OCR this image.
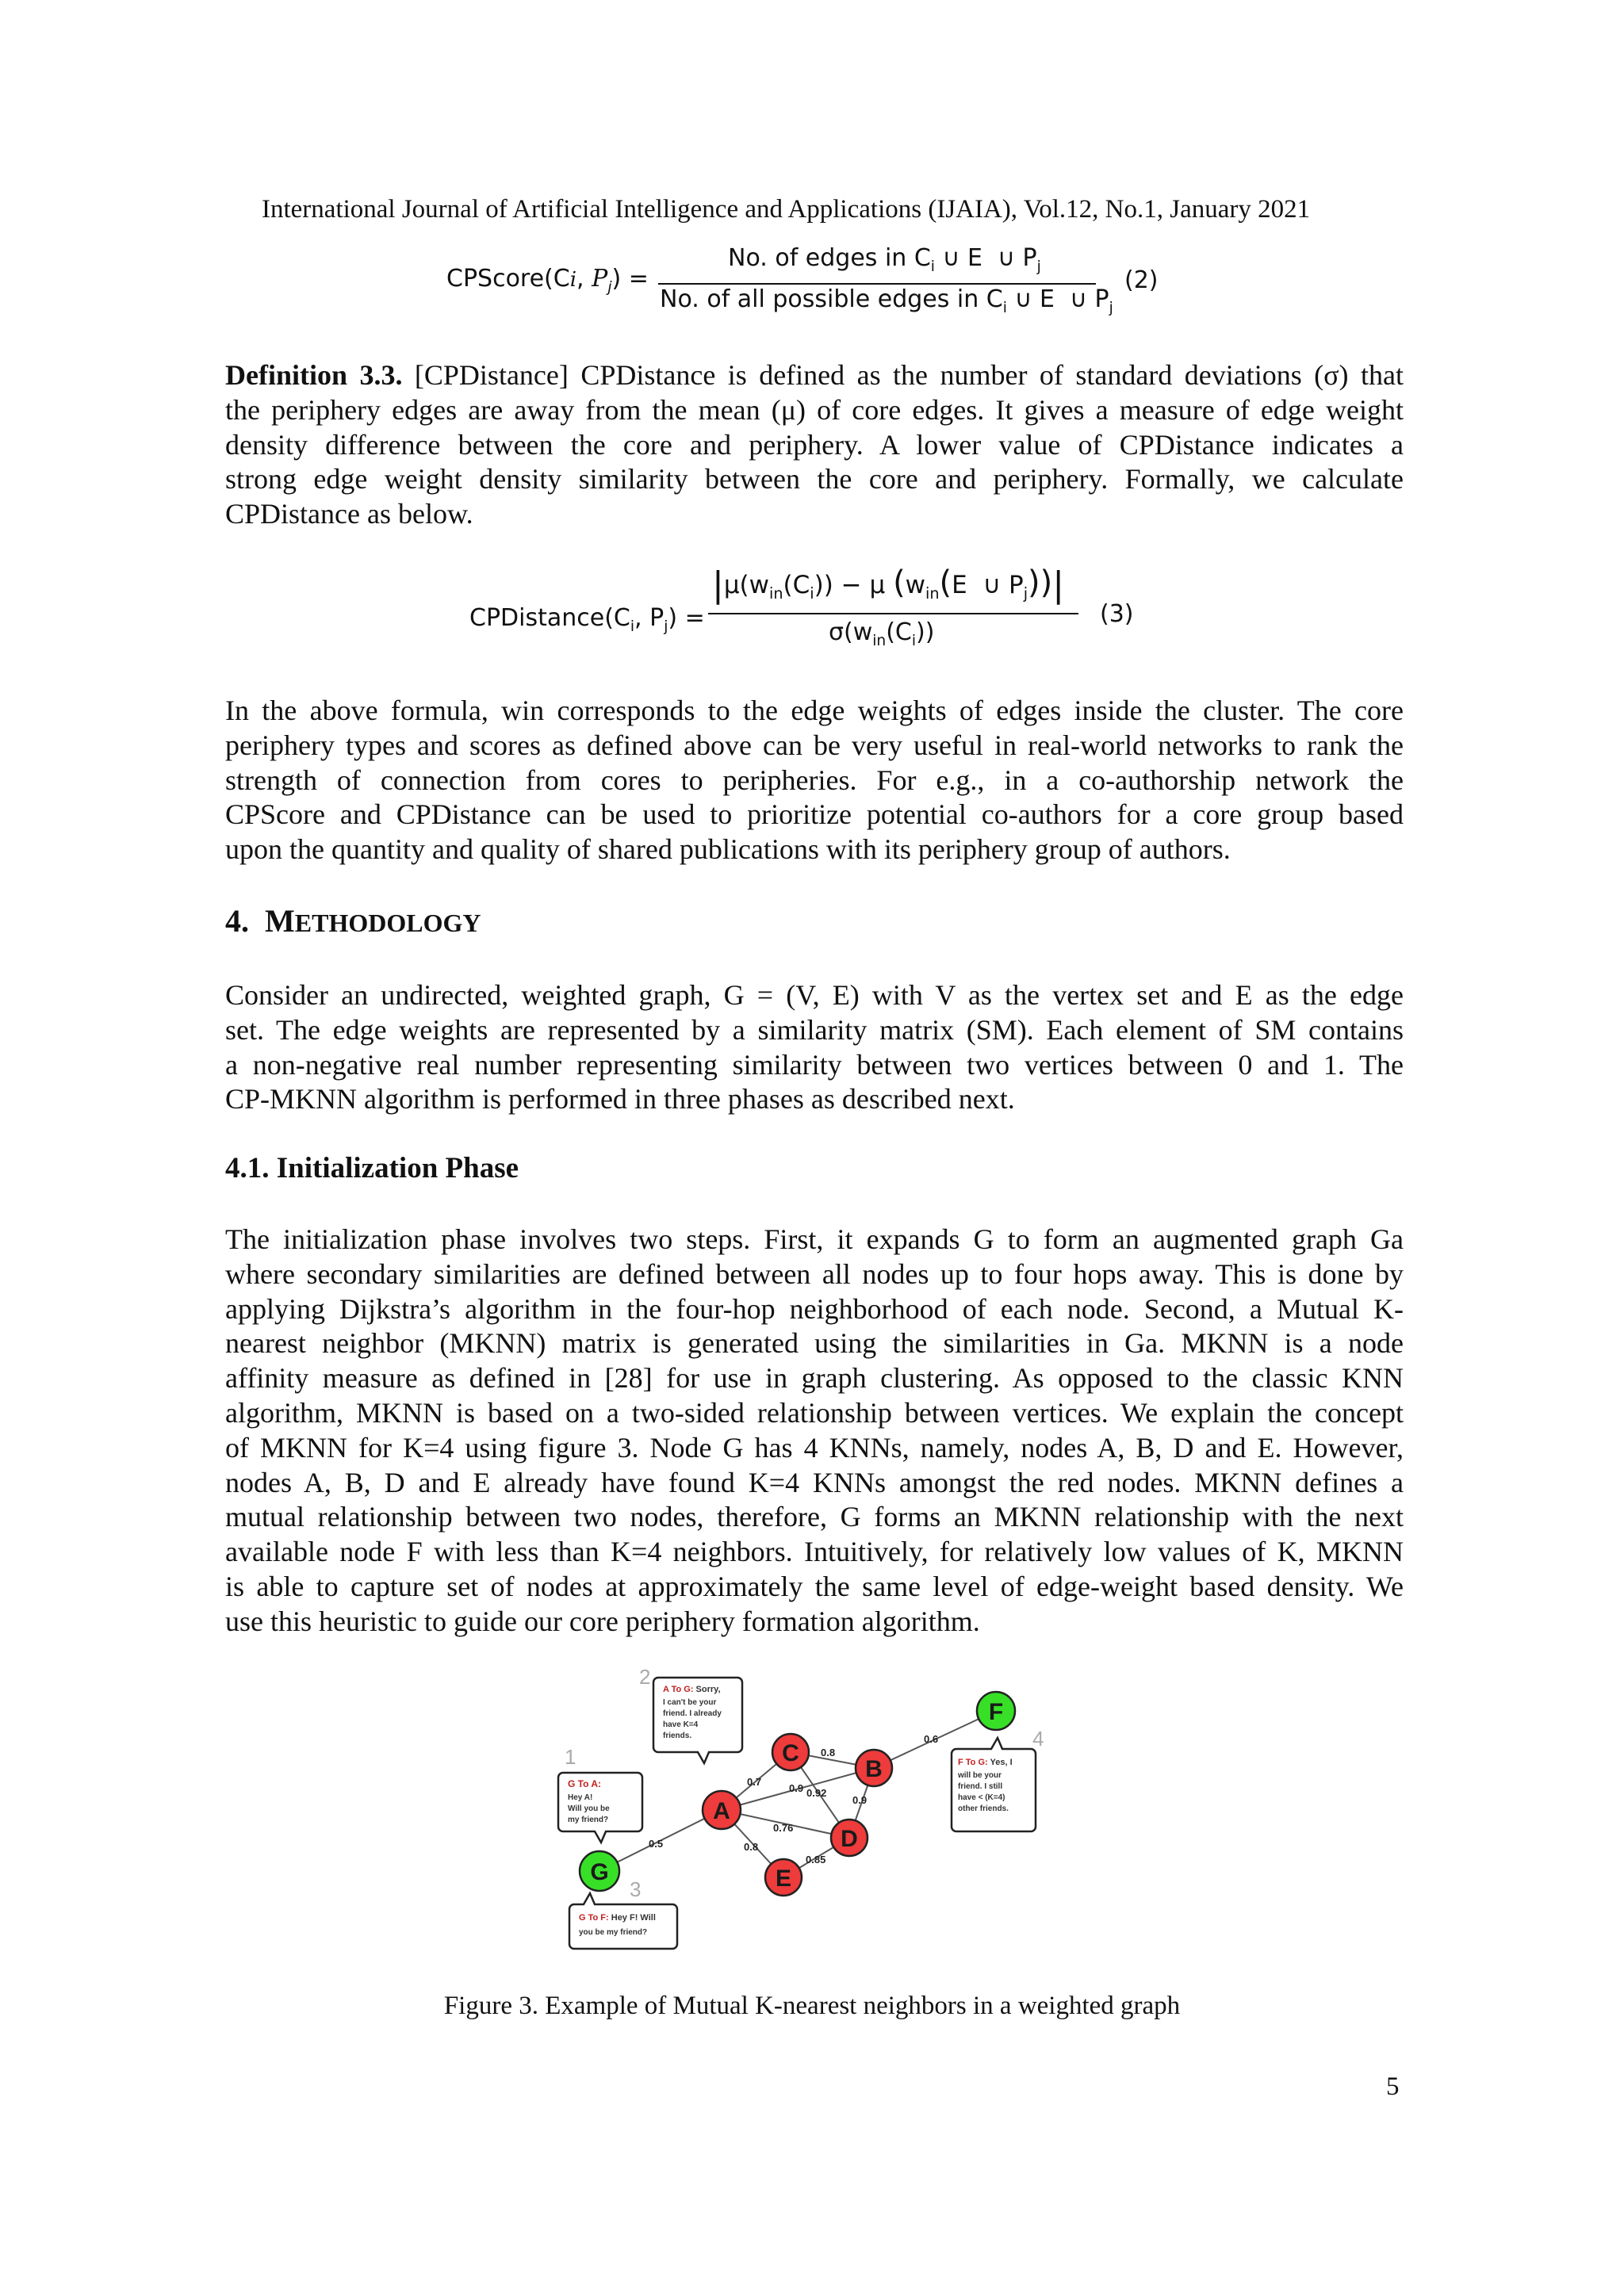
International Journal of Artificial Intelligence and Applications (IJAIA), Vol.12, No.1, January 2021
CPScore(Ci, $P_j$) =
No. of edges in $C_i$ ∪ E  ∪ $P_j$
No. of all possible edges in $C_i$ ∪ E  ∪ $P_j$
(2)
Definition 3.3. [CPDistance] CPDistance is defined as the number of standard deviations (σ) that
the periphery edges are away from the mean (μ) of core edges. It gives a measure of edge weight
density difference between the core and periphery. A lower value of CPDistance indicates a
strong edge weight density similarity between the core and periphery. Formally, we calculate
CPDistance as below.
$CPDistance(C_i$, $P_j$) =
$|\mu(w_{in}(C_i)) - \mu$ ($w_{in}(E$  ∪ $P_j))|$
$\sigma(w_{in}(C_i))$
(3)
In the above formula, win corresponds to the edge weights of edges inside the cluster. The core
periphery types and scores as defined above can be very useful in real-world networks to rank the
strength of connection from cores to peripheries. For e.g., in a co-authorship network the
CPScore and CPDistance can be used to prioritize potential co-authors for a core group based
upon the quantity and quality of shared publications with its periphery group of authors.
4. METHODOLOGY
Consider an undirected, weighted graph, G = (V, E) with V as the vertex set and E as the edge
set. The edge weights are represented by a similarity matrix (SM). Each element of SM contains
a non-negative real number representing similarity between two vertices between 0 and 1. The
CP-MKNN algorithm is performed in three phases as described next.
4.1. Initialization Phase
The initialization phase involves two steps. First, it expands G to form an augmented graph Ga
where secondary similarities are defined between all nodes up to four hops away. This is done by
applying Dijkstra’s algorithm in the four-hop neighborhood of each node. Second, a Mutual K-
nearest neighbor (MKNN) matrix is generated using the similarities in Ga. MKNN is a node
affinity measure as defined in [28] for use in graph clustering. As opposed to the classic KNN
algorithm, MKNN is based on a two-sided relationship between vertices. We explain the concept
of MKNN for K=4 using figure 3. Node G has 4 KNNs, namely, nodes A, B, D and E. However,
nodes A, B, D and E already have found K=4 KNNs amongst the red nodes. MKNN defines a
mutual relationship between two nodes, therefore, G forms an MKNN relationship with the next
available node F with less than K=4 neighbors. Intuitively, for relatively low values of K, MKNN
is able to capture set of nodes at approximately the same level of edge-weight based density. We
use this heuristic to guide our core periphery formation algorithm.
0.5
0.7
0.8
0.76
0.8
0.9 0.92
0.9
0.85
0.6
A
C
B
D
E
F
G
1
G To A:
Hey A!
Will you be
my friend?
2
A To G: Sorry,
I can't be your
friend. I already
have K=4
friends.
3
G To F: Hey F! Will
you be my friend?
4
F To G: Yes, I
will be your
friend. I still
have < (K=4)
other friends.
Figure 3. Example of Mutual K-nearest neighbors in a weighted graph
5
